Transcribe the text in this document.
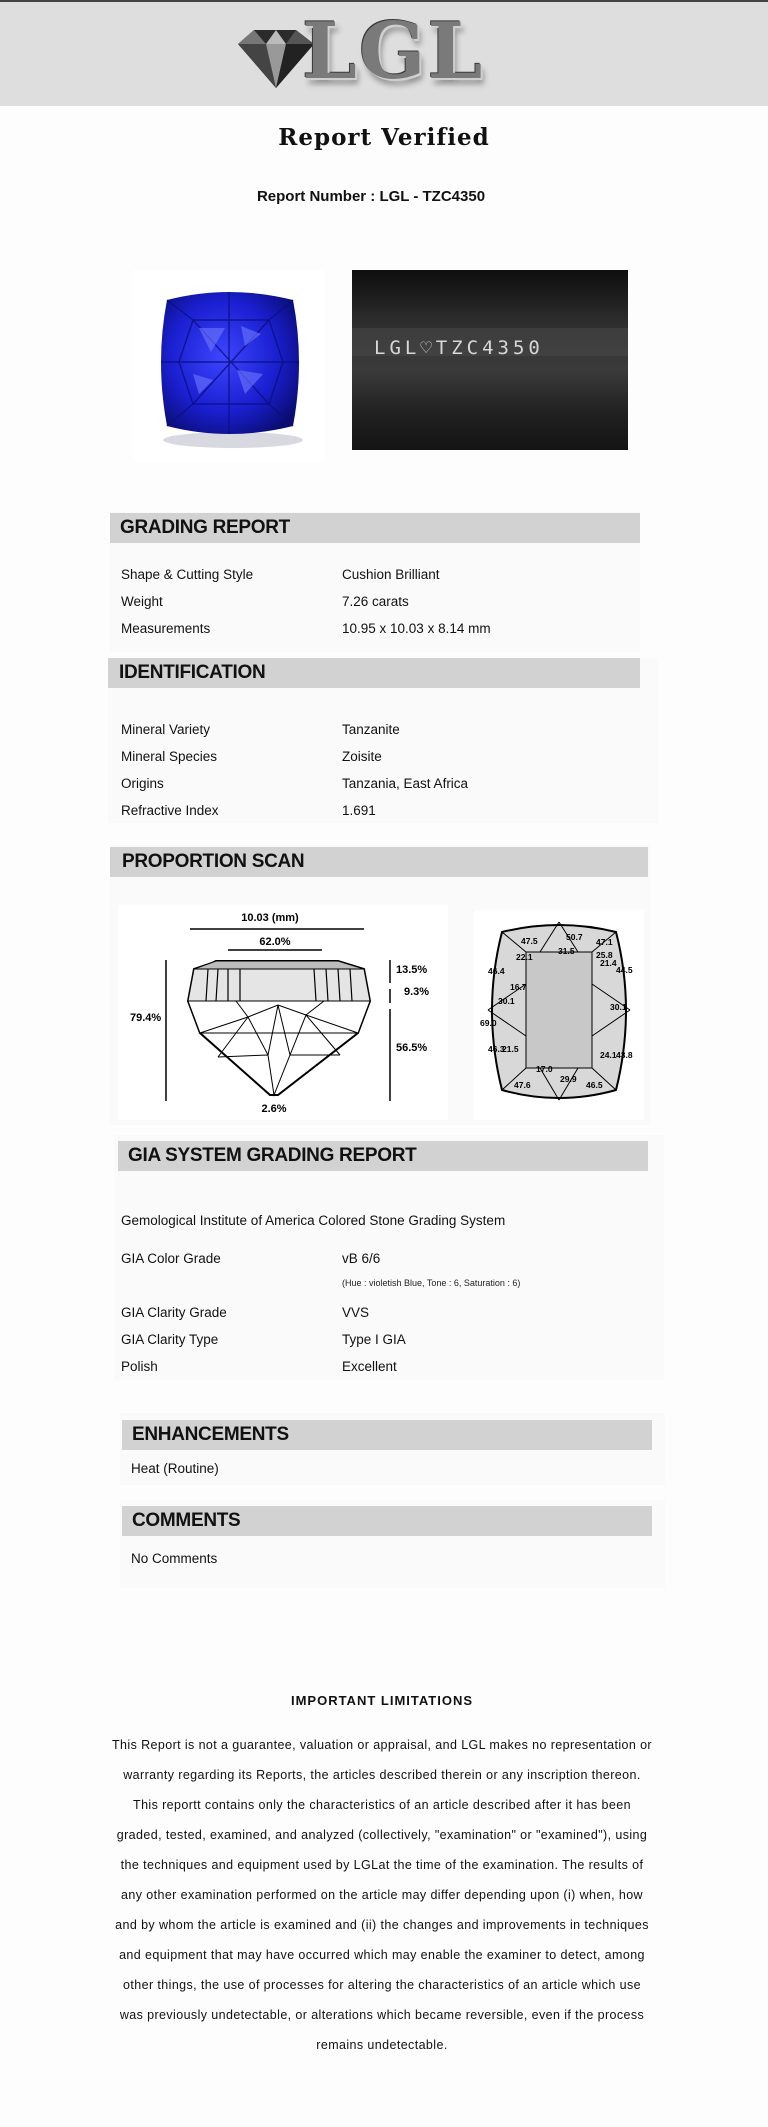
LGL
Report Verified
Report Number : LGL - TZC4350
LGL♡TZC4350
GRADING REPORT
Shape & Cutting Style	Cushion Brilliant
Weight	7.26 carats
Measurements	10.95 x 10.03 x 8.14 mm
IDENTIFICATION
Mineral Variety	Tanzanite
Mineral Species	Zoisite
Origins	Tanzania, East Africa
Refractive Index	1.691
PROPORTION SCAN
10.03 (mm)
62.0%
79.4%
13.5%
9.3%
56.5%
2.6%
47.5	50.7 47.1
31.5
22.1	25.8
21.4
46.4	44.5
16.7
30.1
30.1
69.0
46.3
21.5
17.0
24.1 43.8
47.6
29.9
46.5
GIA SYSTEM GRADING REPORT
Gemological Institute of America Colored Stone Grading System
GIA Color Grade	vB 6/6
(Hue : violetish Blue, Tone : 6, Saturation : 6)
GIA Clarity Grade	VVS
GIA Clarity Type	Type I GIA
Polish	Excellent
ENHANCEMENTS
Heat (Routine)
COMMENTS
No Comments
IMPORTANT LIMITATIONS
This Report is not a guarantee, valuation or appraisal, and LGL makes no representation or warranty regarding its Reports, the articles described therein or any inscription thereon. This reportt contains only the characteristics of an article described after it has been graded, tested, examined, and analyzed (collectively, "examination" or "examined"), using the techniques and equipment used by LGLat the time of the examination. The results of any other examination performed on the article may differ depending upon (i) when, how and by whom the article is examined and (ii) the changes and improvements in techniques and equipment that may have occurred which may enable the examiner to detect, among other things, the use of processes for altering the characteristics of an article which use was previously undetectable, or alterations which became reversible, even if the process remains undetectable.
